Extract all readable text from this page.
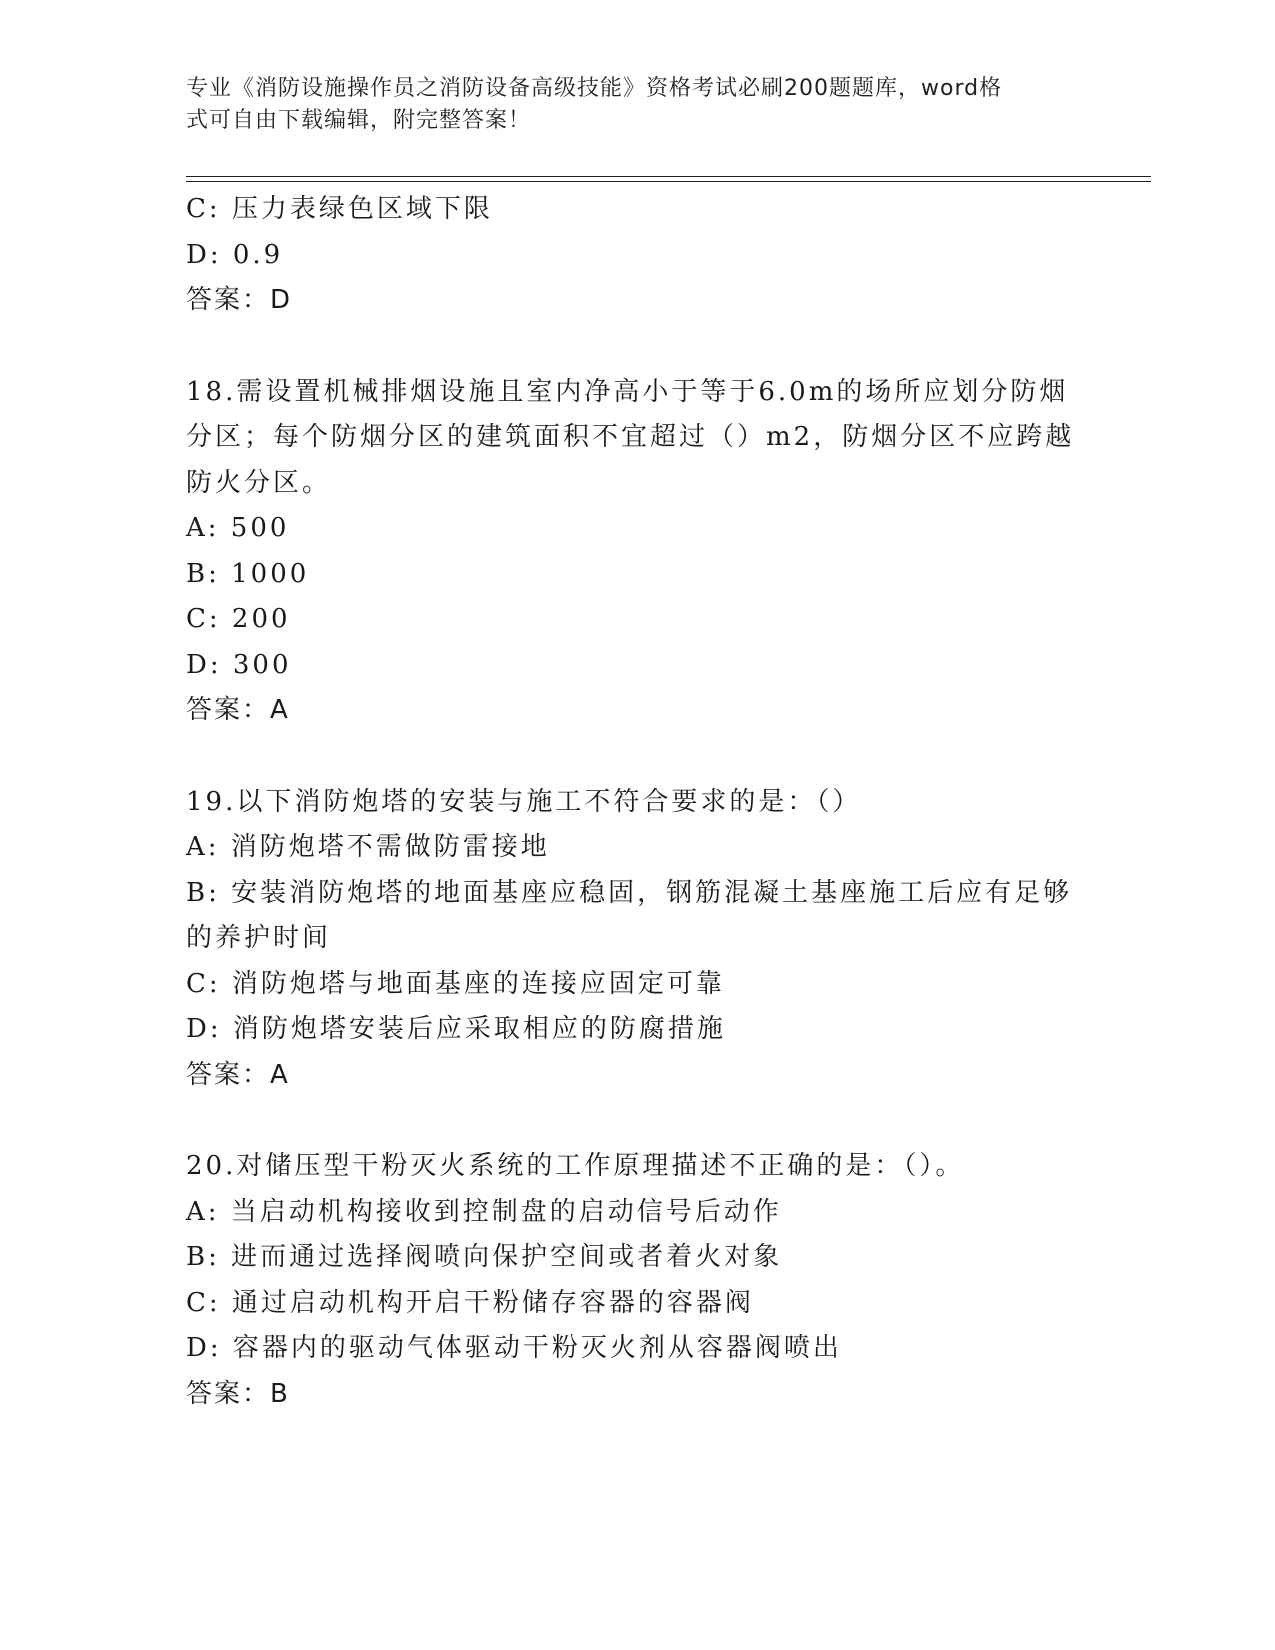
专业《消防设施操作员之消防设备高级技能》资格考试必刷200题题库，word格
式可自由下载编辑，附完整答案！
C: 压力表绿色区域下限
D: 0.9
答案：D
18.需设置机械排烟设施且室内净高小于等于6.0m的场所应划分防烟
分区；每个防烟分区的建筑面积不宜超过（）m2，防烟分区不应跨越
防火分区。
A: 500
B: 1000
C: 200
D: 300
答案：A
19.以下消防炮塔的安装与施工不符合要求的是：（）
A: 消防炮塔不需做防雷接地
B: 安装消防炮塔的地面基座应稳固，钢筋混凝土基座施工后应有足够
的养护时间
C: 消防炮塔与地面基座的连接应固定可靠
D: 消防炮塔安装后应采取相应的防腐措施
答案：A
20.对储压型干粉灭火系统的工作原理描述不正确的是：（）。
A: 当启动机构接收到控制盘的启动信号后动作
B: 进而通过选择阀喷向保护空间或者着火对象
C: 通过启动机构开启干粉储存容器的容器阀
D: 容器内的驱动气体驱动干粉灭火剂从容器阀喷出
答案：B
